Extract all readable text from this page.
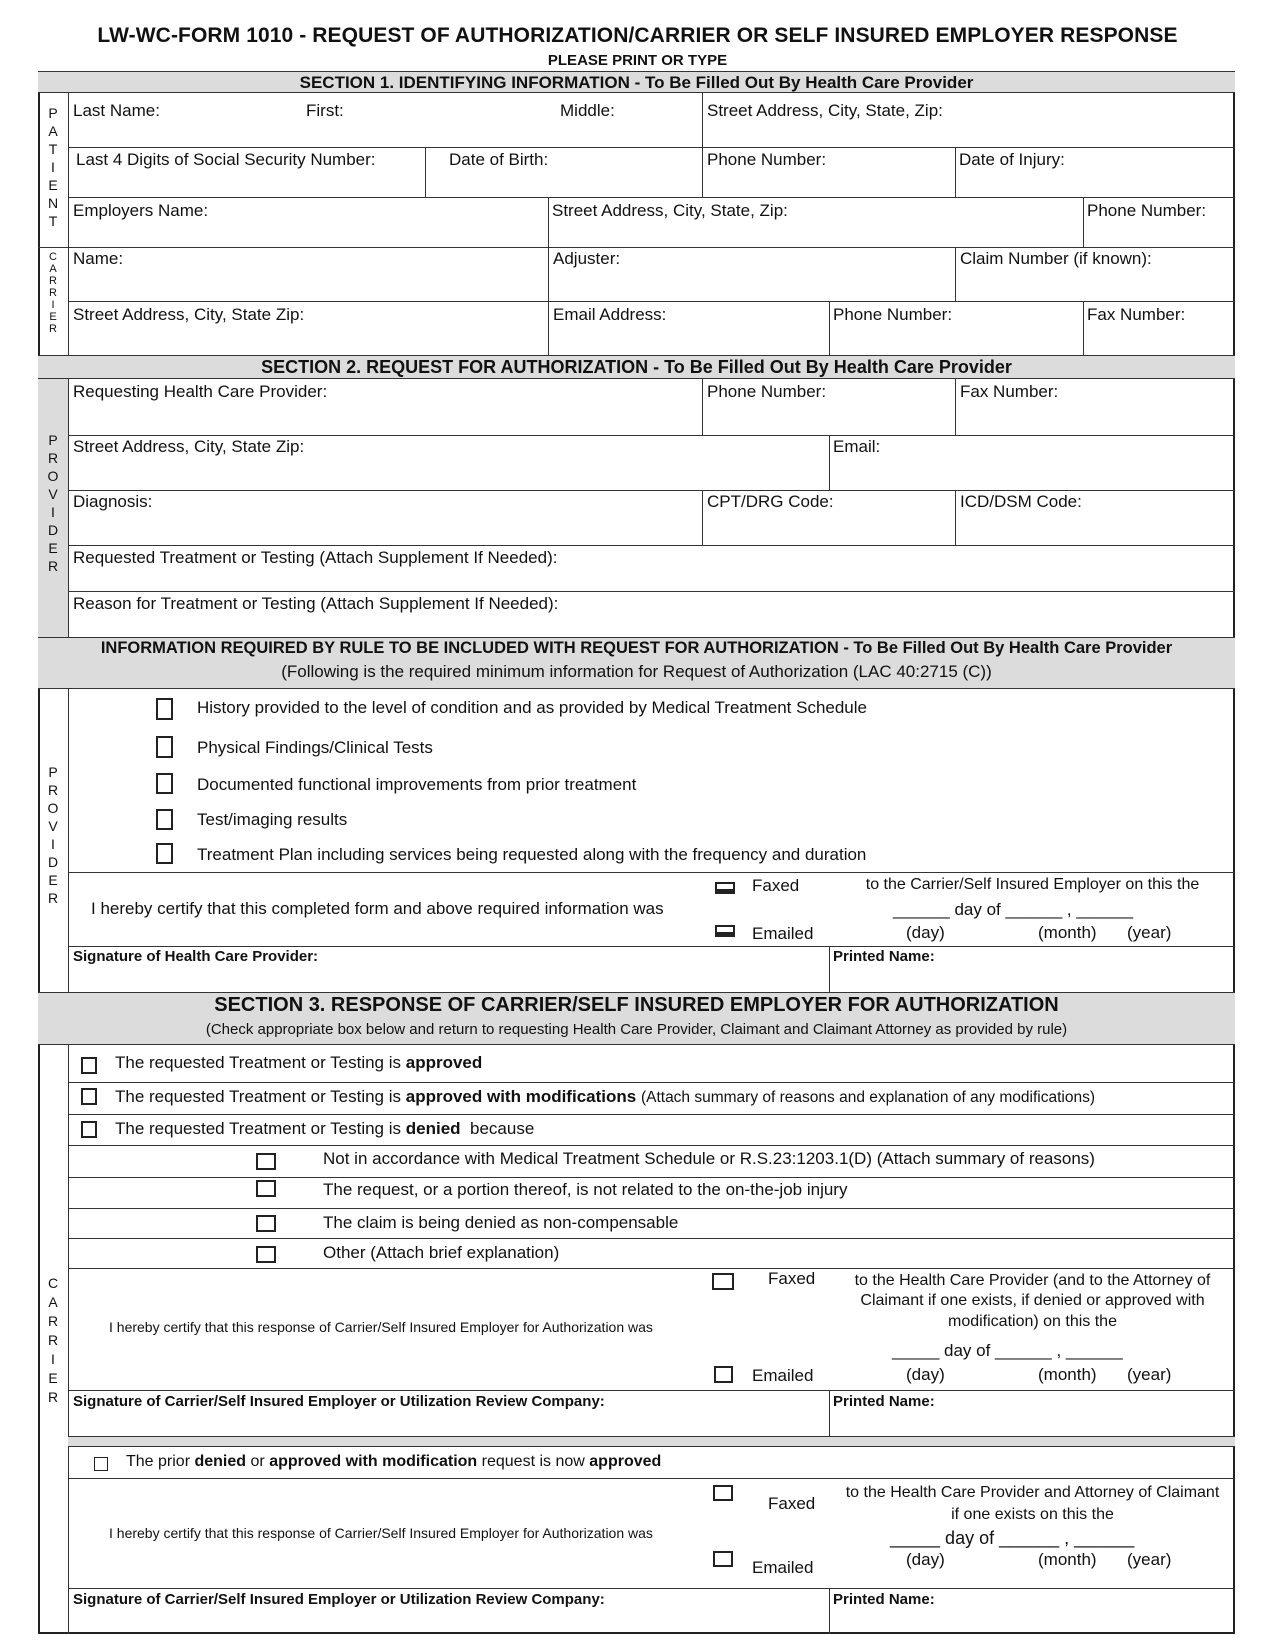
LW-WC-FORM 1010 - REQUEST OF AUTHORIZATION/CARRIER OR SELF INSURED EMPLOYER RESPONSE
PLEASE PRINT OR TYPE
SECTION 1. IDENTIFYING INFORMATION - To Be Filled Out By Health Care Provider
P
A
T
I
E
N
T
C
A
R
R
I
E
R
Last Name:	First:	Middle:	Street Address, City, State, Zip:
Last 4 Digits of Social Security Number:	Date of Birth:	Phone Number:	Date of Injury:
Employers Name:	Street Address, City, State, Zip:	Phone Number:
Name:	Adjuster:	Claim Number (if known):
Street Address, City, State Zip:	Email Address:	Phone Number:	Fax Number:
SECTION 2. REQUEST FOR AUTHORIZATION - To Be Filled Out By Health Care Provider
P
R
O
V
I
D
E
R
Requesting Health Care Provider:	Phone Number:	Fax Number:
Street Address, City, State Zip:	Email:
Diagnosis:	CPT/DRG Code:	ICD/DSM Code:
Requested Treatment or Testing (Attach Supplement If Needed):
Reason for Treatment or Testing (Attach Supplement If Needed):
INFORMATION REQUIRED BY RULE TO BE INCLUDED WITH REQUEST FOR AUTHORIZATION - To Be Filled Out By Health Care Provider
(Following is the required minimum information for Request of Authorization (LAC 40:2715 (C))
P
R
O
V
I
D
E
R
History provided to the level of condition and as provided by Medical Treatment Schedule
Physical Findings/Clinical Tests
Documented functional improvements from prior treatment
Test/imaging results
Treatment Plan including services being requested along with the frequency and duration
I hereby certify that this completed form and above required information was
Faxed
Emailed
to the Carrier/Self Insured Employer on this the
______ day of ______ , ______
(day)	(month) (year)
Signature of Health Care Provider:	Printed Name:
SECTION 3. RESPONSE OF CARRIER/SELF INSURED EMPLOYER FOR AUTHORIZATION
(Check appropriate box below and return to requesting Health Care Provider, Claimant and Claimant Attorney as provided by rule)
C
A
R
R
I
E
R
The requested Treatment or Testing is approved
The requested Treatment or Testing is approved with modifications (Attach summary of reasons and explanation of any modifications)
The requested Treatment or Testing is denied because
Not in accordance with Medical Treatment Schedule or R.S.23:1203.1(D) (Attach summary of reasons)
The request, or a portion thereof, is not related to the on-the-job injury
The claim is being denied as non-compensable
Other (Attach brief explanation)
I hereby certify that this response of Carrier/Self Insured Employer for Authorization was
Faxed
Emailed
to the Health Care Provider (and to the Attorney of
Claimant if one exists, if denied or approved with
modification) on this the
_____ day of ______ , ______
(day)	(month) (year)
Signature of Carrier/Self Insured Employer or Utilization Review Company:	Printed Name:
The prior denied or approved with modification request is now approved
I hereby certify that this response of Carrier/Self Insured Employer for Authorization was
Faxed
Emailed
to the Health Care Provider and Attorney of Claimant
if one exists on this the
_____ day of ______ , ______
(day)	(month) (year)
Signature of Carrier/Self Insured Employer or Utilization Review Company:	Printed Name:
